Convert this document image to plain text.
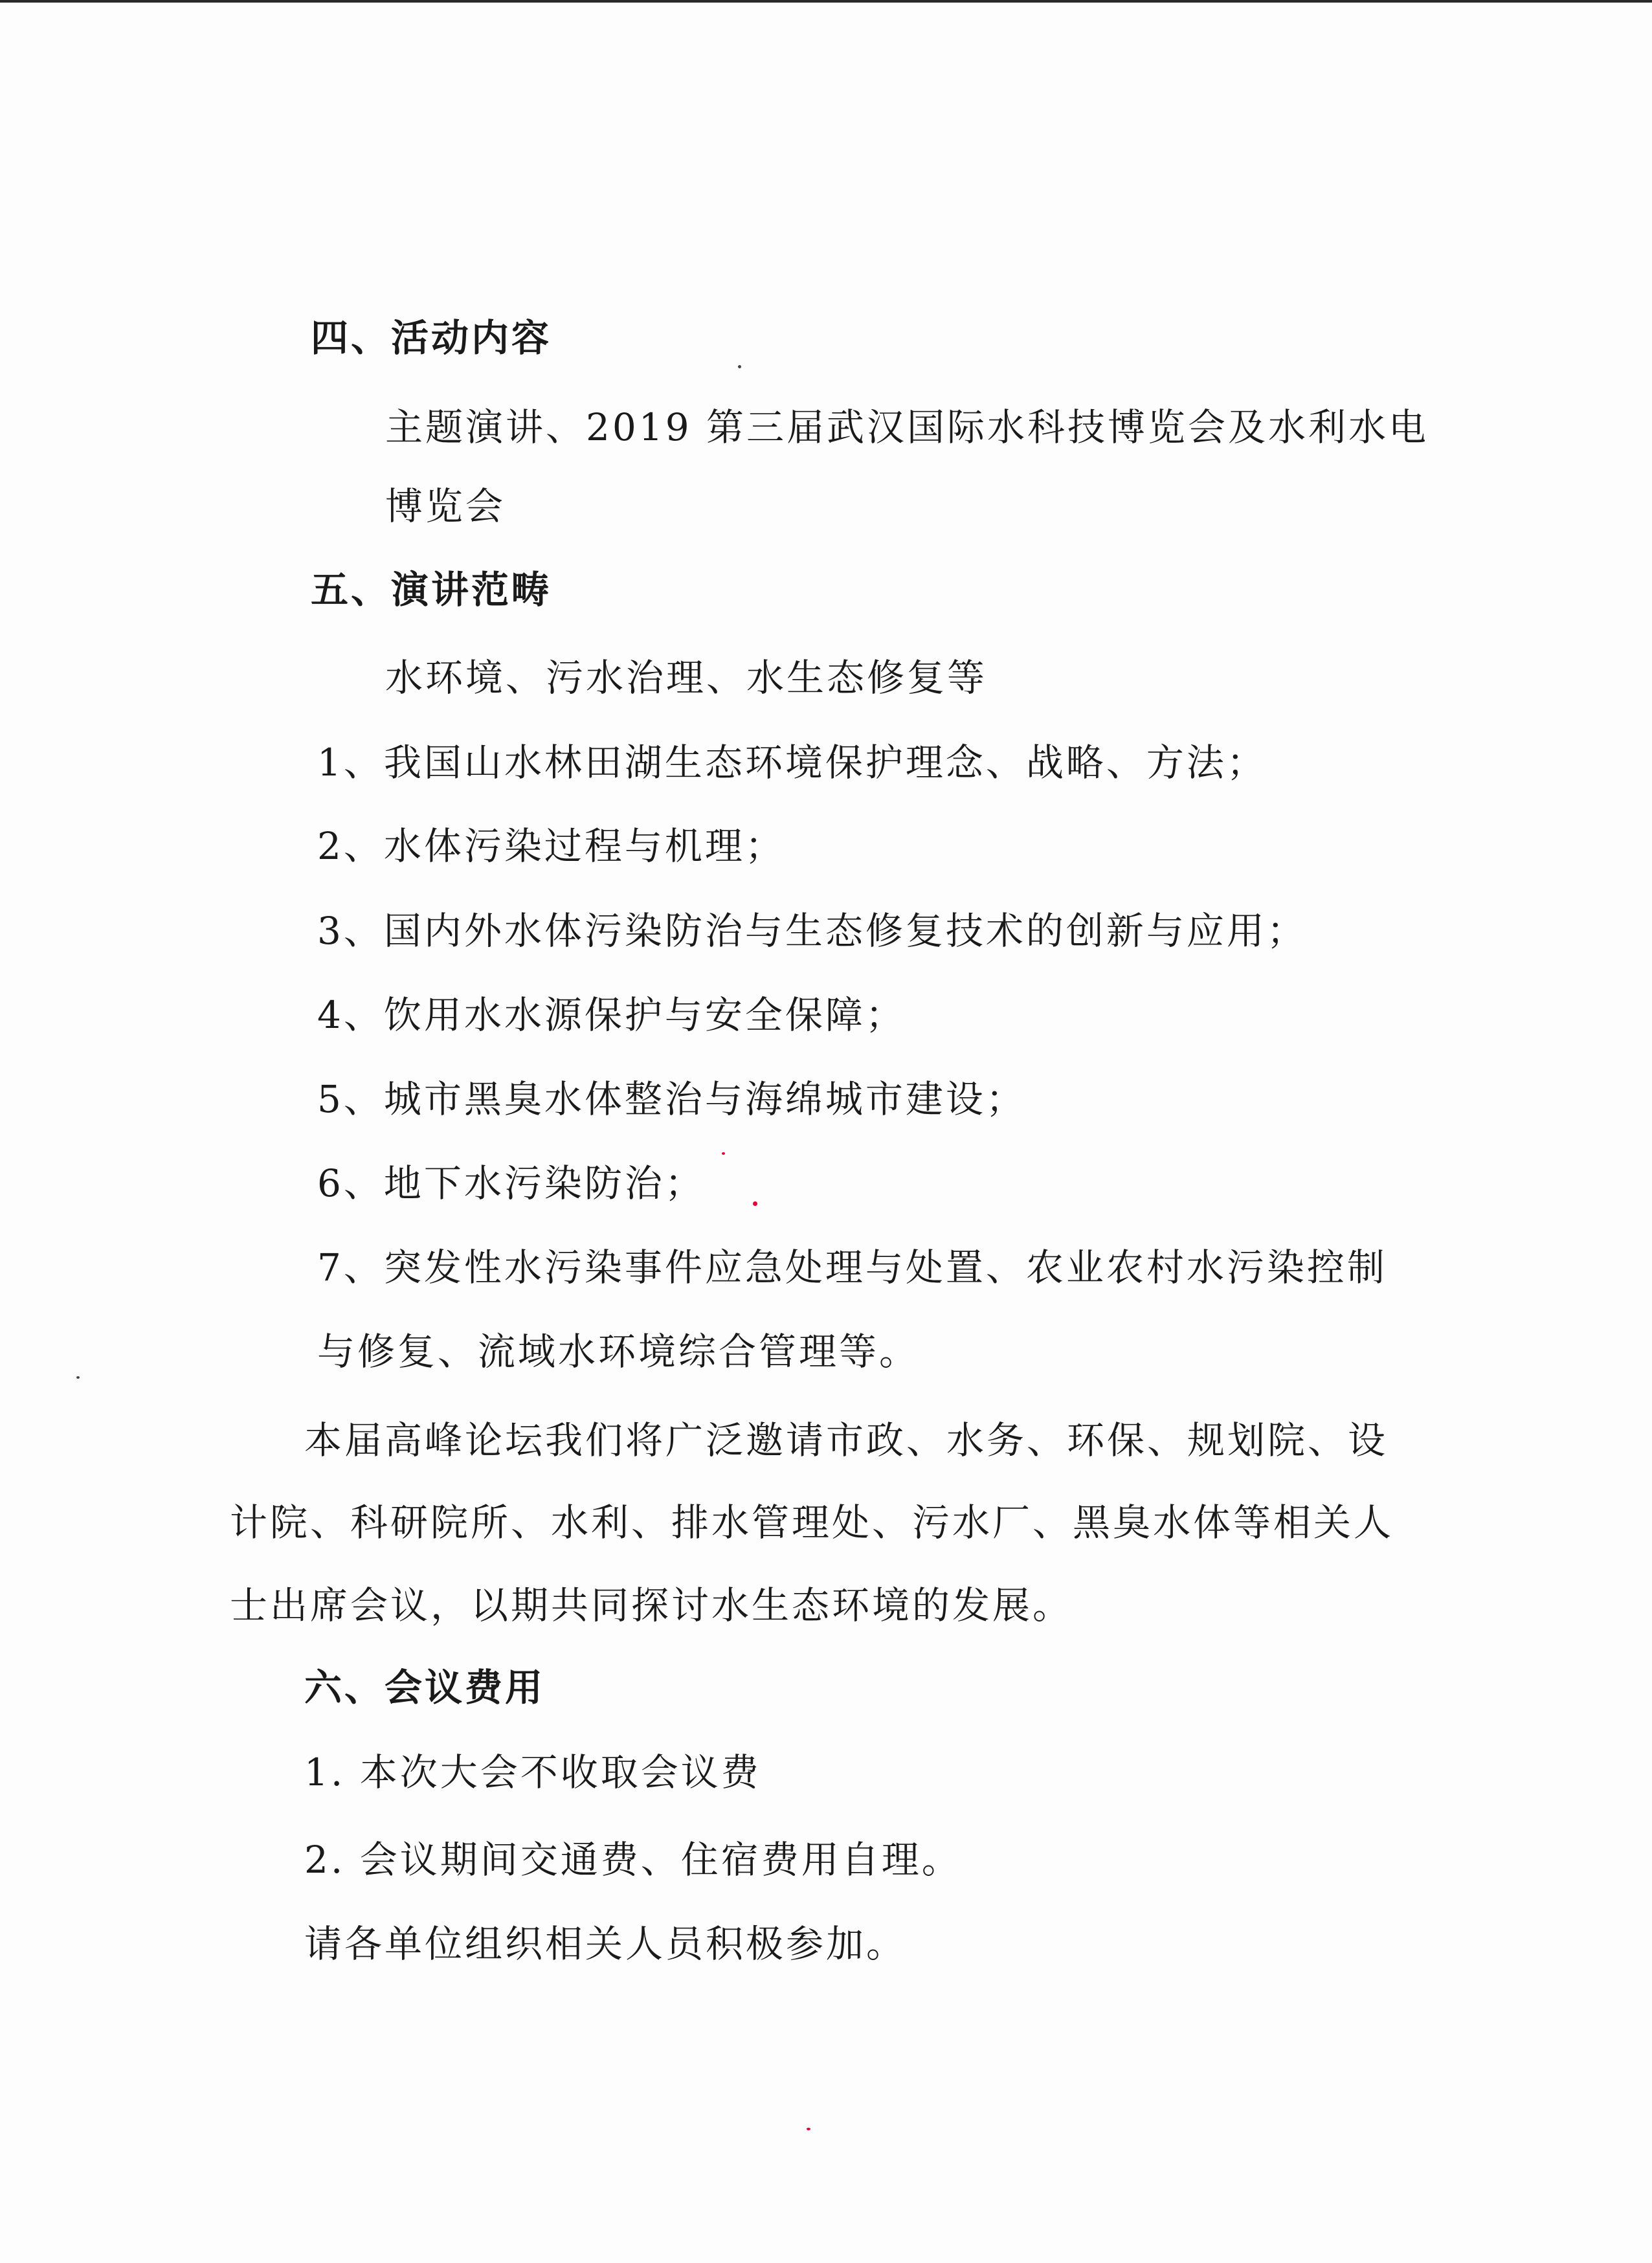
四、活动内容
主题演讲、2019 第三届武汉国际水科技博览会及水利水电
博览会
五、演讲范畴
水环境、污水治理、水生态修复等
1、我国山水林田湖生态环境保护理念、战略、方法；
2、水体污染过程与机理；
3、国内外水体污染防治与生态修复技术的创新与应用；
4、饮用水水源保护与安全保障；
5、城市黑臭水体整治与海绵城市建设；
6、地下水污染防治；
7、突发性水污染事件应急处理与处置、农业农村水污染控制
与修复、流域水环境综合管理等。
本届高峰论坛我们将广泛邀请市政、水务、环保、规划院、设
计院、科研院所、水利、排水管理处、污水厂、黑臭水体等相关人
士出席会议，以期共同探讨水生态环境的发展。
六、会议费用
1. 本次大会不收取会议费
2. 会议期间交通费、住宿费用自理。
请各单位组织相关人员积极参加。
